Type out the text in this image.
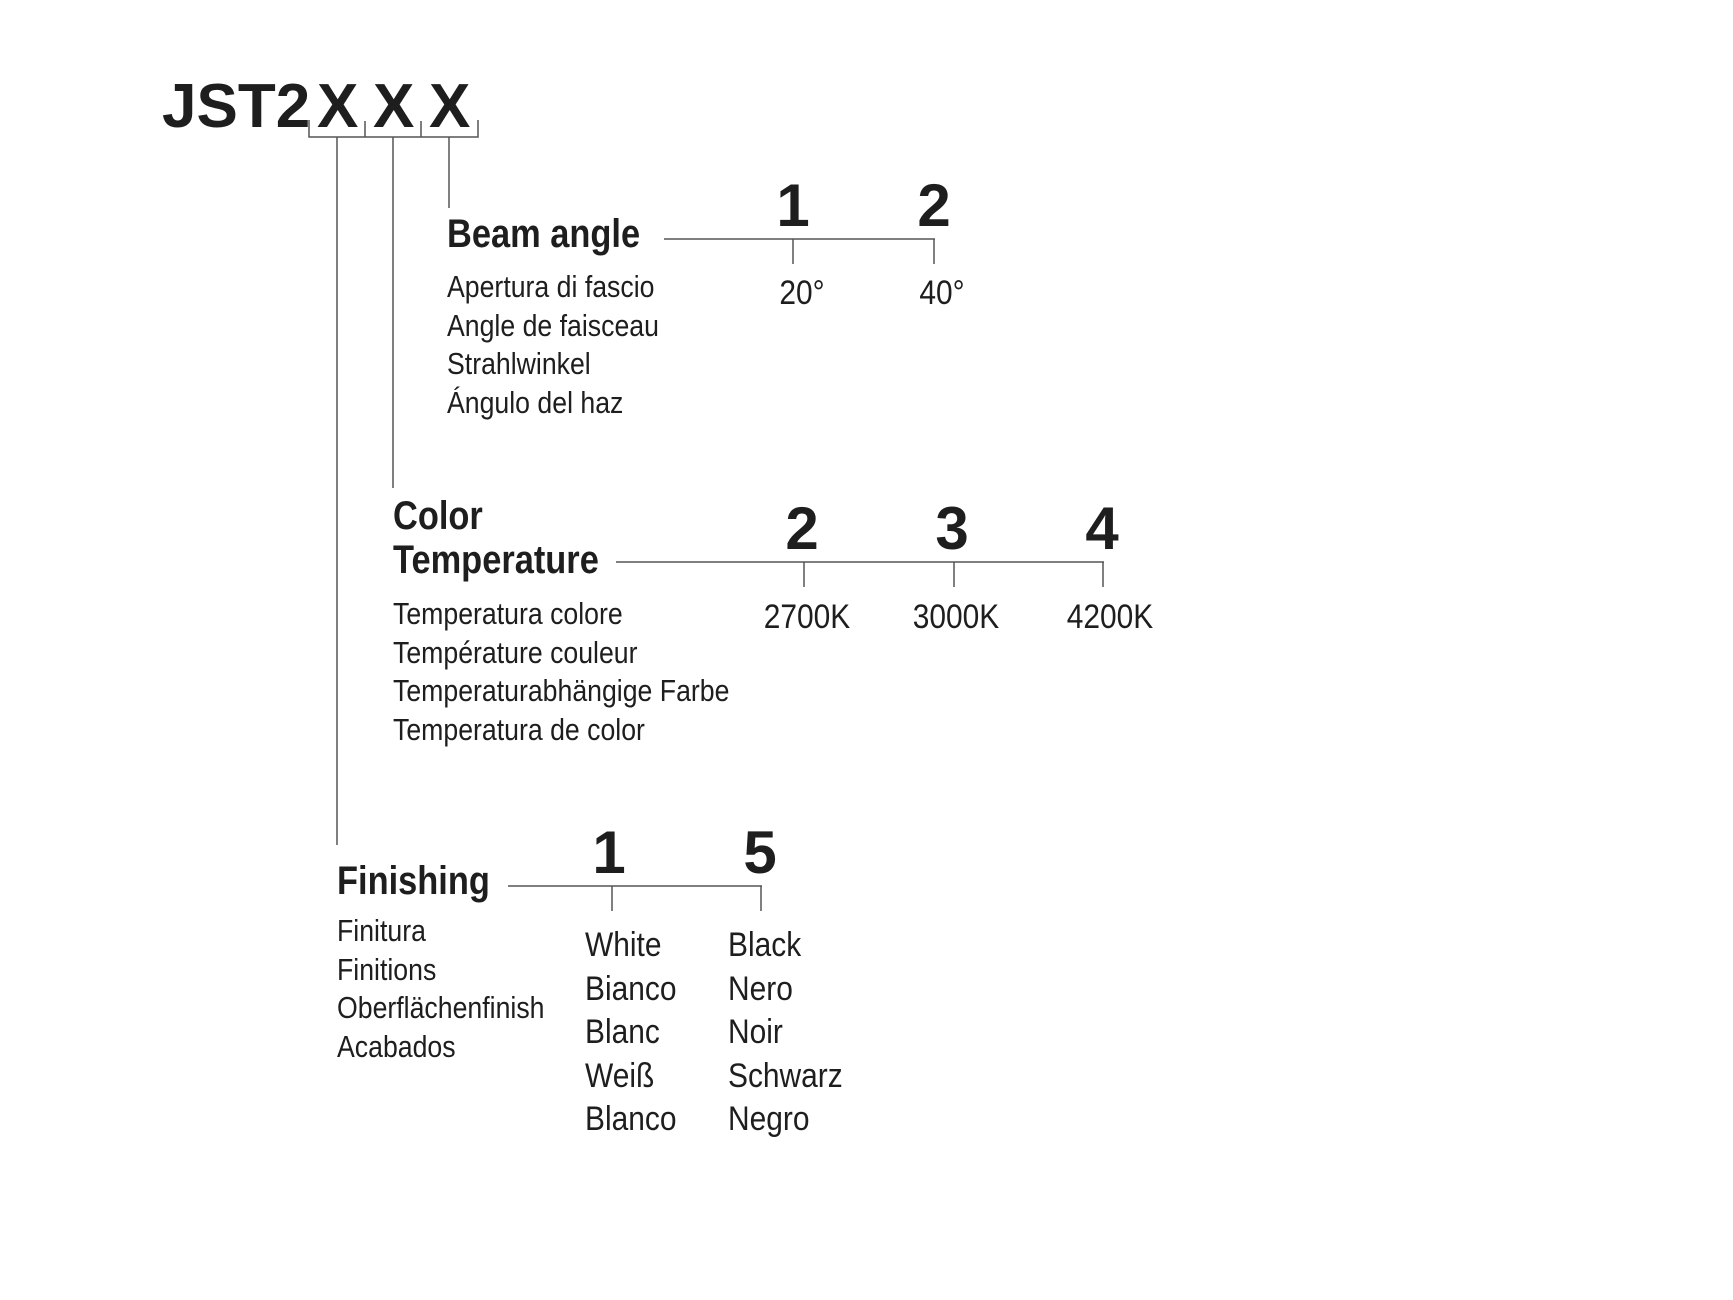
JST2 X X X
Beam angle
Apertura di fascio
Angle de faisceau
Strahlwinkel
Ángulo del haz
1 2
20°	40°
Color
Temperature
Temperatura colore
Température couleur
Temperaturabhängige Farbe
Temperatura de color
2 3 4
2700K 3000K 4200K
Finishing
Finitura
Finitions
Oberflächenfinish
Acabados
1 5
White
Bianco
Blanc
Weiß
Blanco
Black
Nero
Noir
Schwarz
Negro
